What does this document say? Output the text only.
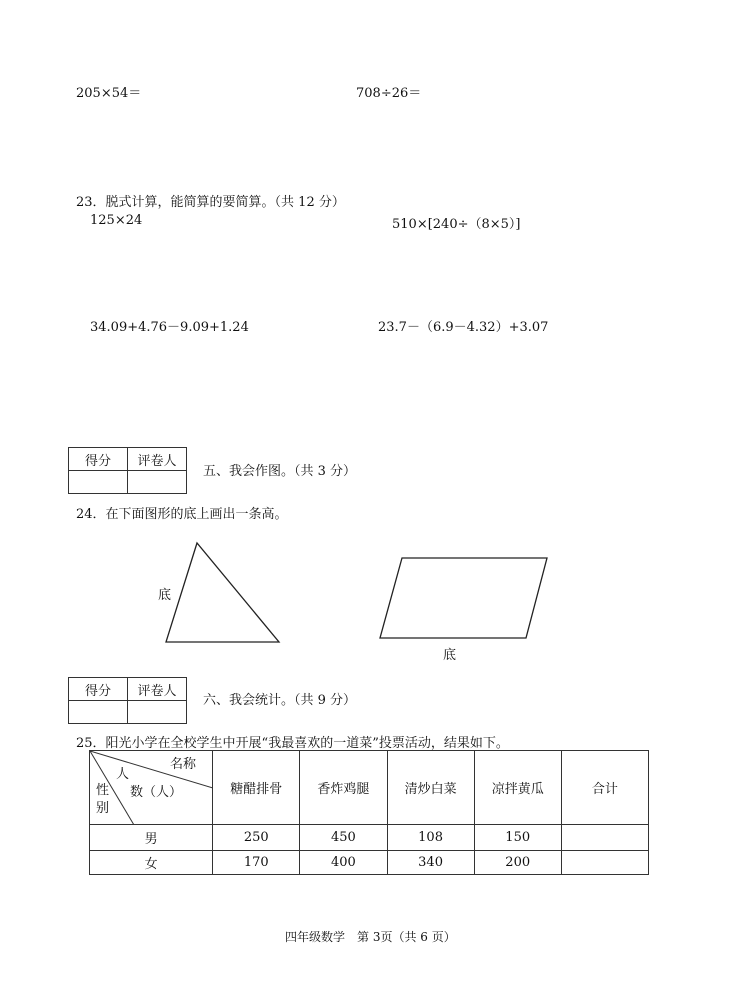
205×54＝	708÷26＝
23．脱式计算，能简算的要简算。（共 12 分）
125×24	510×[240÷（8×5）]
34.09+4.76－9.09+1.24	23.7－（6.9－4.32）+3.07
得分	评卷人

五、我会作图。（共 3 分）
24．在下面图形的底上画出一条高。
底
底
得分	评卷人

六、我会统计。（共 9 分）
25．阳光小学在全校学生中开展“我最喜欢的一道菜”投票活动，结果如下。
名称
人
数（人）
性
别	糖醋排骨	香炸鸡腿	清炒白菜	凉拌黄瓜	合计
男	250	450	108	150	
女	170	400	340	200	
四年级数学　第 3页（共 6 页）
